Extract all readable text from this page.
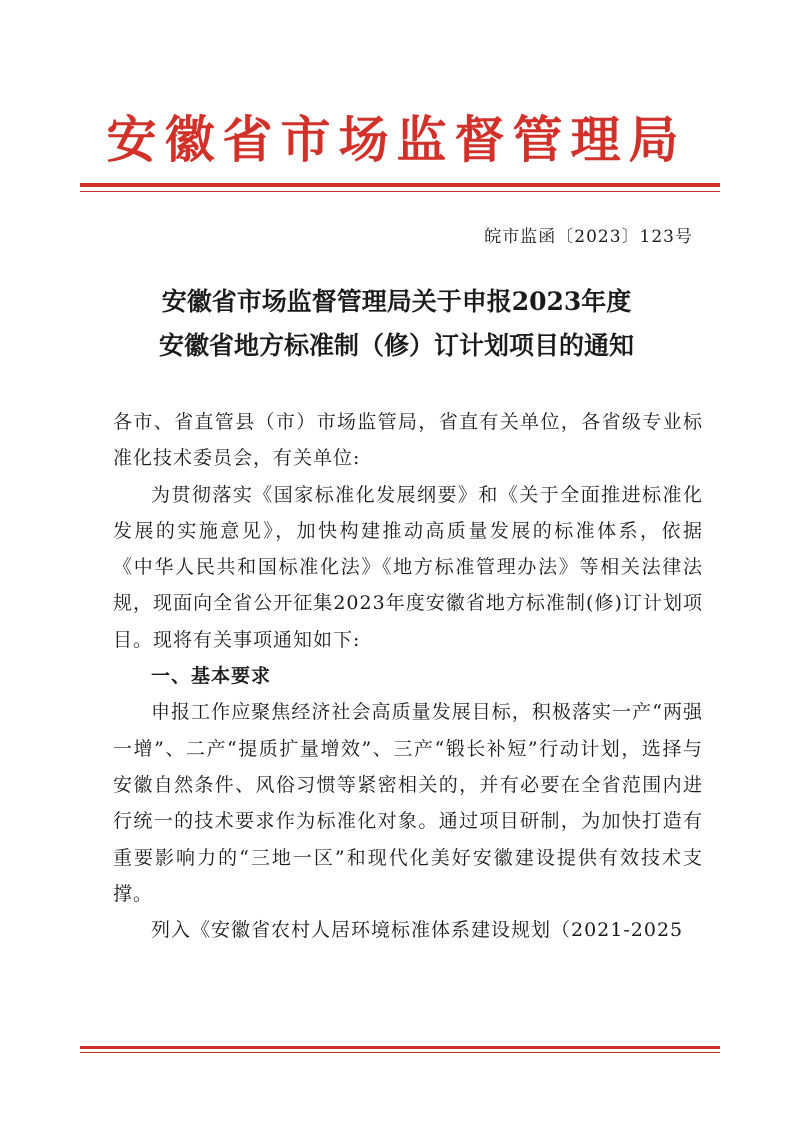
安徽省市场监督管理局
皖市监函〔2023〕123号
安徽省市场监督管理局关于申报2023年度
安徽省地方标准制（修）订计划项目的通知

各市、省直管县（市）市场监管局，省直有关单位，各省级专业标准化技术委员会，有关单位:

为贯彻落实《国家标准化发展纲要》和《关于全面推进标准化发展的实施意见》，加快构建推动高质量发展的标准体系，依据《中华人民共和国标准化法》《地方标准管理办法》等相关法律法规，现面向全省公开征集2023年度安徽省地方标准制(修)订计划项目。现将有关事项通知如下:

一、基本要求

申报工作应聚焦经济社会高质量发展目标，积极落实一产“两强一增”、二产“提质扩量增效”、三产“锻长补短”行动计划，选择与安徽自然条件、风俗习惯等紧密相关的，并有必要在全省范围内进行统一的技术要求作为标准化对象。通过项目研制，为加快打造有重要影响力的“三地一区”和现代化美好安徽建设提供有效技术支撑。

列入《安徽省农村人居环境标准体系建设规划（2021-2025
